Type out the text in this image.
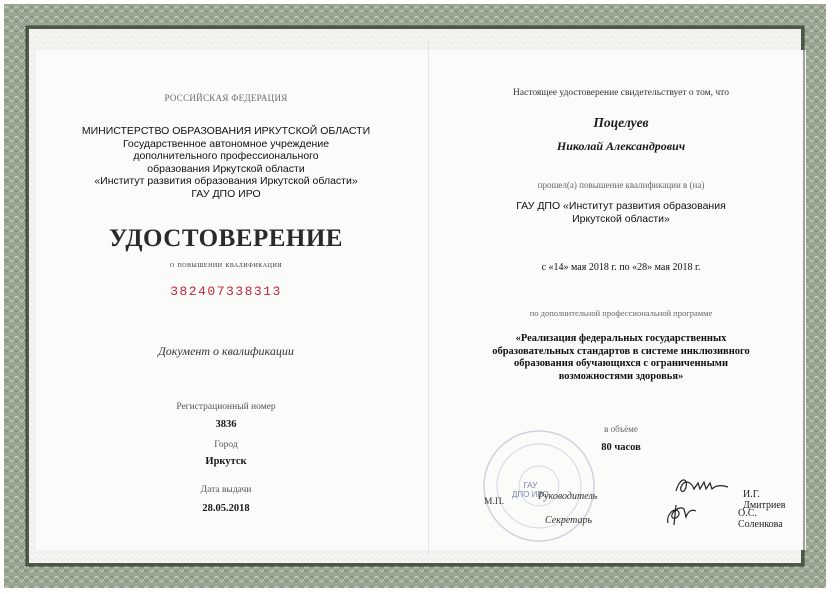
РОССИЙСКАЯ ФЕДЕРАЦИЯ
МИНИСТЕРСТВО ОБРАЗОВАНИЯ ИРКУТСКОЙ ОБЛАСТИ
Государственное автономное учреждение
дополнительного профессионального
образования Иркутской области
«Институт развития образования Иркутской области»
ГАУ ДПО ИРО
УДОСТОВЕРЕНИЕ
о повышении квалификации
382407338313
Документ о квалификации
Регистрационный номер
3836
Город
Иркутск
Дата выдачи
28.05.2018
Настоящее удостоверение свидетельствует о том, что
Поцелуев
Николай Александрович
прошел(а) повышение квалификации в (на)
ГАУ ДПО «Институт развития образования
Иркутской области»
с «14» мая 2018 г. по «28» мая 2018 г.
по дополнительной профессиональной программе
«Реализация федеральных государственных
образовательных стандартов в системе инклюзивного
образования обучающихся с ограниченными
возможностями здоровья»
в объёме
80 часов
ГАУ
ДПО ИРО
М.П.	Руководитель
Секретарь
И.Г. Дмитриев
О.С. Соленкова
